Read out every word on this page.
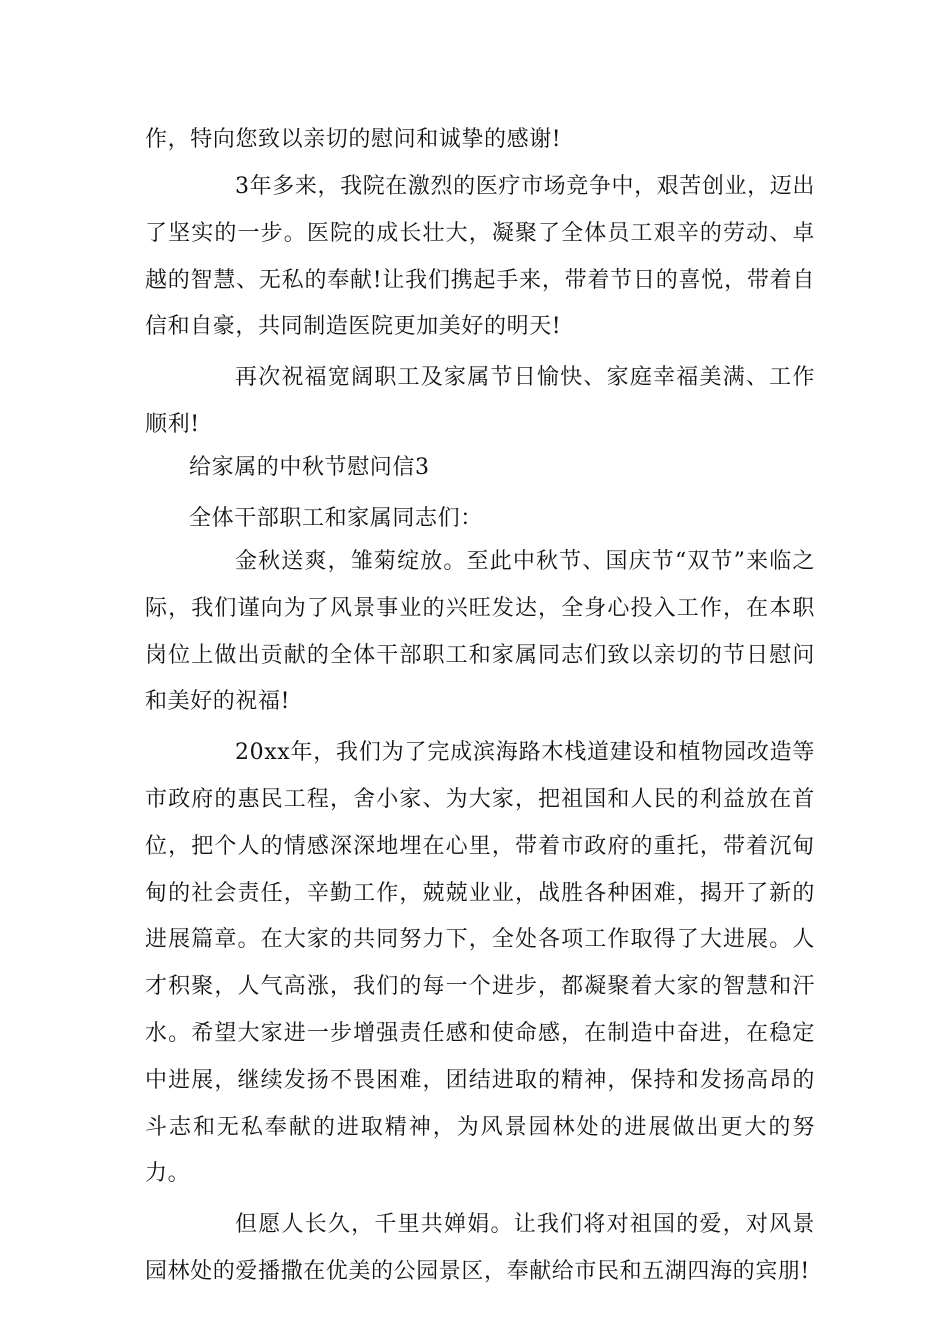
作，特向您致以亲切的慰问和诚挚的感谢!

3年多来，我院在激烈的医疗市场竞争中，艰苦创业，迈出了坚实的一步。医院的成长壮大，凝聚了全体员工艰辛的劳动、卓越的智慧、无私的奉献!让我们携起手来，带着节日的喜悦，带着自信和自豪，共同制造医院更加美好的明天!

再次祝福宽阔职工及家属节日愉快、家庭幸福美满、工作顺利!

给家属的中秋节慰问信3

全体干部职工和家属同志们：

金秋送爽，雏菊绽放。至此中秋节、国庆节“双节”来临之际，我们谨向为了风景事业的兴旺发达，全身心投入工作，在本职岗位上做出贡献的全体干部职工和家属同志们致以亲切的节日慰问和美好的祝福!

20xx年，我们为了完成滨海路木栈道建设和植物园改造等市政府的惠民工程，舍小家、为大家，把祖国和人民的利益放在首位，把个人的情感深深地埋在心里，带着市政府的重托，带着沉甸甸的社会责任，辛勤工作，兢兢业业，战胜各种困难，揭开了新的进展篇章。在大家的共同努力下，全处各项工作取得了大进展。人才积聚，人气高涨，我们的每一个进步，都凝聚着大家的智慧和汗水。希望大家进一步增强责任感和使命感，在制造中奋进，在稳定中进展，继续发扬不畏困难，团结进取的精神，保持和发扬高昂的斗志和无私奉献的进取精神，为风景园林处的进展做出更大的努力。

但愿人长久，千里共婵娟。让我们将对祖国的爱，对风景园林处的爱播撒在优美的公园景区，奉献给市民和五湖四海的宾朋!
